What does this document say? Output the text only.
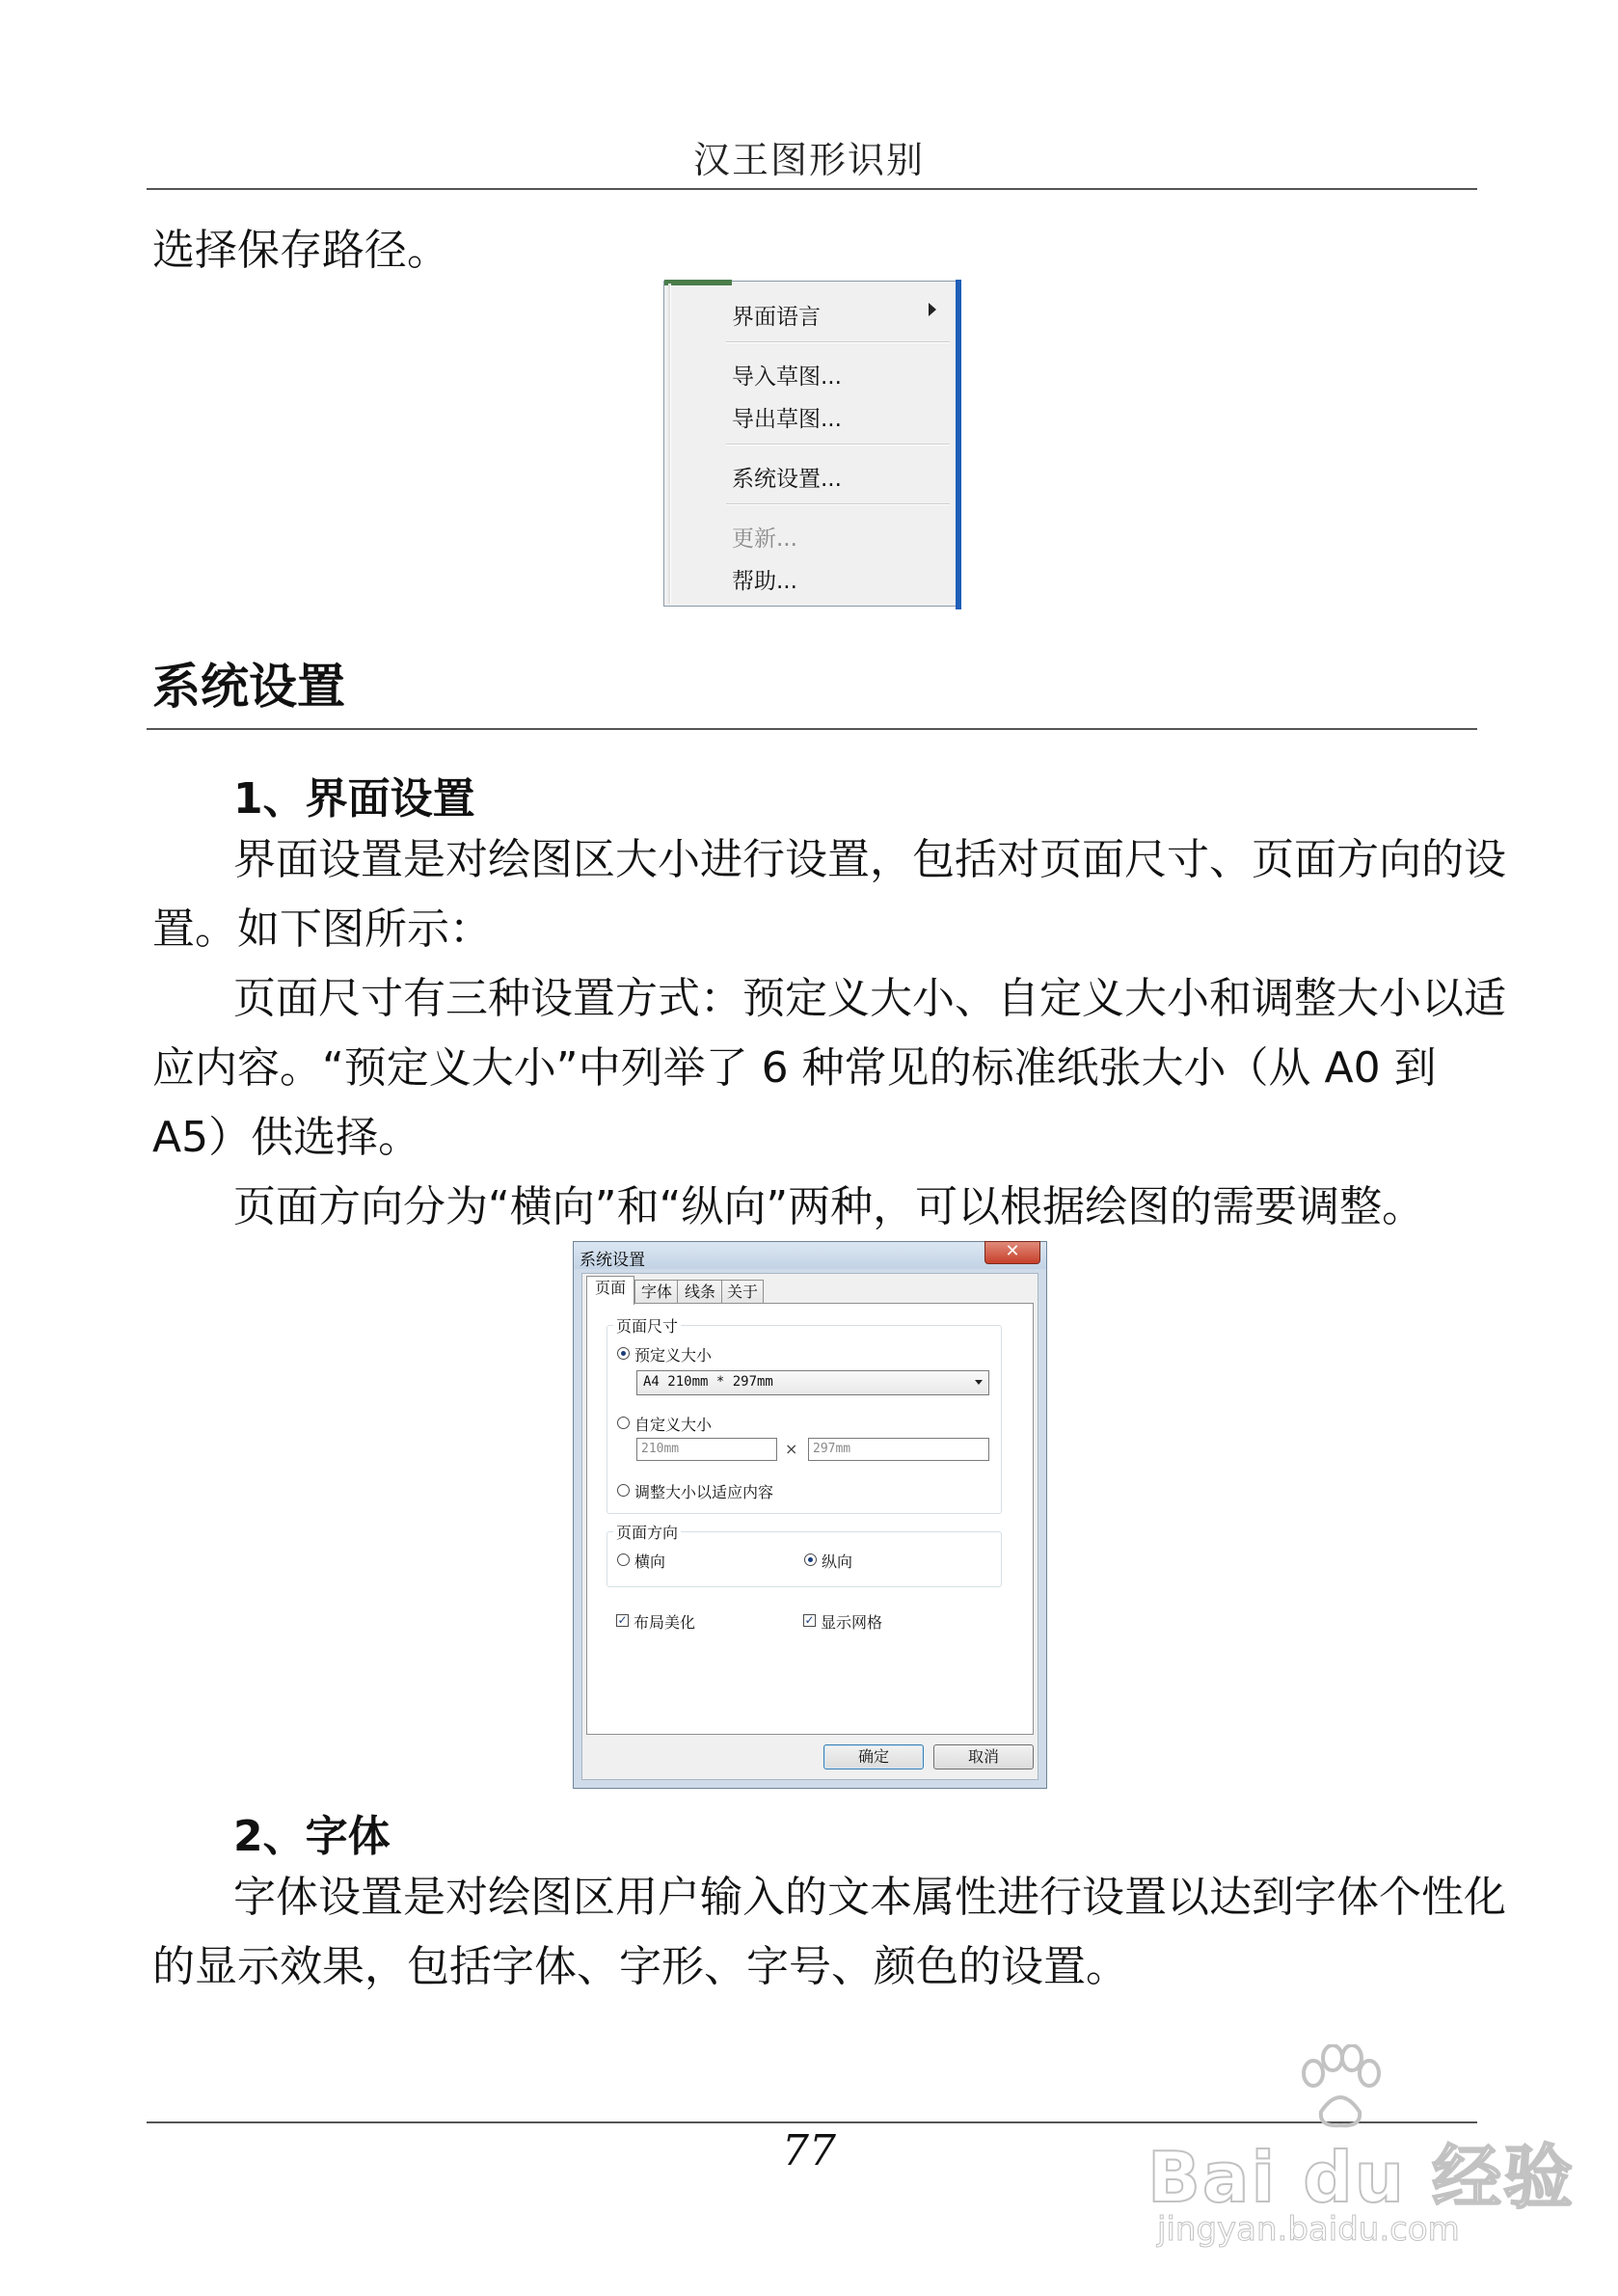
汉王图形识别
选择保存路径。
界面语言
导入草图...
导出草图...
系统设置...
更新...
帮助...
系统设置
1、界面设置
界面设置是对绘图区大小进行设置，包括对页面尺寸、页面方向的设
置。如下图所示：
页面尺寸有三种设置方式：预定义大小、自定义大小和调整大小以适
应内容。“预定义大小”中列举了 6 种常见的标准纸张大小（从 A0 到
A5）供选择。
页面方向分为“横向”和“纵向”两种，可以根据绘图的需要调整。
系统设置	✕
页面 字体 线条 关于
页面尺寸
预定义大小
A4 210mm * 297mm
自定义大小
210mm	× 297mm
调整大小以适应内容
页面方向
横向	纵向
✓ 布局美化	✓ 显示网格
确定	取消
2、字体
字体设置是对绘图区用户输入的文本属性进行设置以达到字体个性化
的显示效果，包括字体、字形、字号、颜色的设置。
77	Bai du 经验
jingyan.baidu.com
